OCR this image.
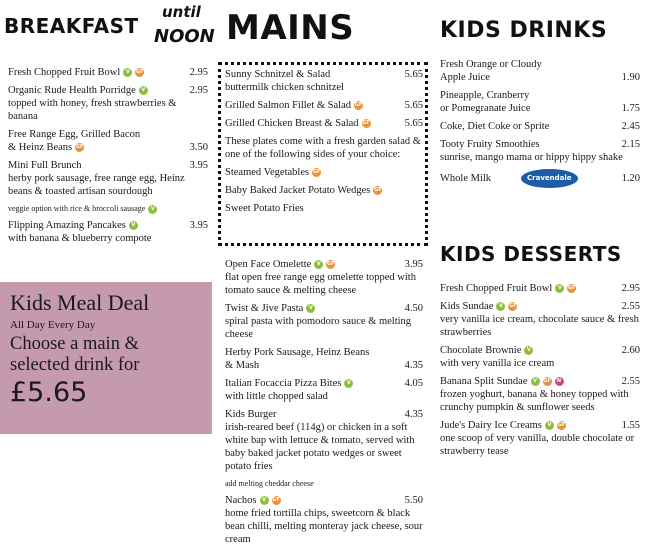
BREAKFAST
until
NOON MAINS	KIDS DRINKS
KIDS DESSERTS
Fresh Chopped Fruit Bowl	V	GF	2.95
Organic Rude Health Porridge	V	2.95
topped with honey, fresh strawberries & banana
Free Range Egg, Grilled Bacon
& Heinz Beans GF	3.50
Mini Full Brunch	3.95
herby pork sausage, free range egg, Heinz beans & toasted artisan sourdough
veggie option with rice & broccoli sausage V
Flipping Amazing Pancakes	V	3.95
with banana & blueberry compote
Sunny Schnitzel & Salad	5.65
buttermilk chicken schnitzel
Grilled Salmon Fillet & Salad GF	5.65
Grilled Chicken Breast & Salad GF	5.65
These plates come with a fresh garden salad & one of the following sides of your choice:
Steamed Vegetables GF
Baby Baked Jacket Potato Wedges GF
Sweet Potato Fries
Open Face Omelette	V	GF	3.95
flat open free range egg omelette topped with tomato sauce & melting cheese
Twist & Jive Pasta	V	4.50
spiral pasta with pomodoro sauce & melting cheese
Herby Pork Sausage, Heinz Beans
& Mash	4.35
Italian Focaccia Pizza Bites	V	4.05
with little chopped salad
Kids Burger	4.35
irish-reared beef (114g) or chicken in a soft white bap with lettuce & tomato, served with baby baked jacket potato wedges or sweet potato fries
add melting cheddar cheese
Nachos	V	GF	5.50
home fried tortilla chips, sweetcorn & black bean chilli, melting monteray jack cheese, sour cream
Fresh Orange or Cloudy
Apple Juice	1.90
Pineapple, Cranberry
or Pomegranate Juice	1.75
Coke, Diet Coke or Sprite	2.45
Tooty Fruity Smoothies	2.15
sunrise, mango mama or hippy hippy shake
Whole Milk	Cravendale	1.20
Fresh Chopped Fruit Bowl	V	GF	2.95
Kids Sundae	V	GF	2.55
very vanilla ice cream, chocolate sauce & fresh strawberries
Chocolate Brownie	V	2.60
with very vanilla ice cream
Banana Split Sundae	V	GF	N	2.55
frozen yoghurt, banana & honey topped with crunchy pumpkin & sunflower seeds
Jude's Dairy Ice Creams	V	GF	1.55
one scoop of very vanilla, double chocolate or strawberry tease
Kids Meal Deal
All Day Every Day
Choose a main &
selected drink for
£5.65
